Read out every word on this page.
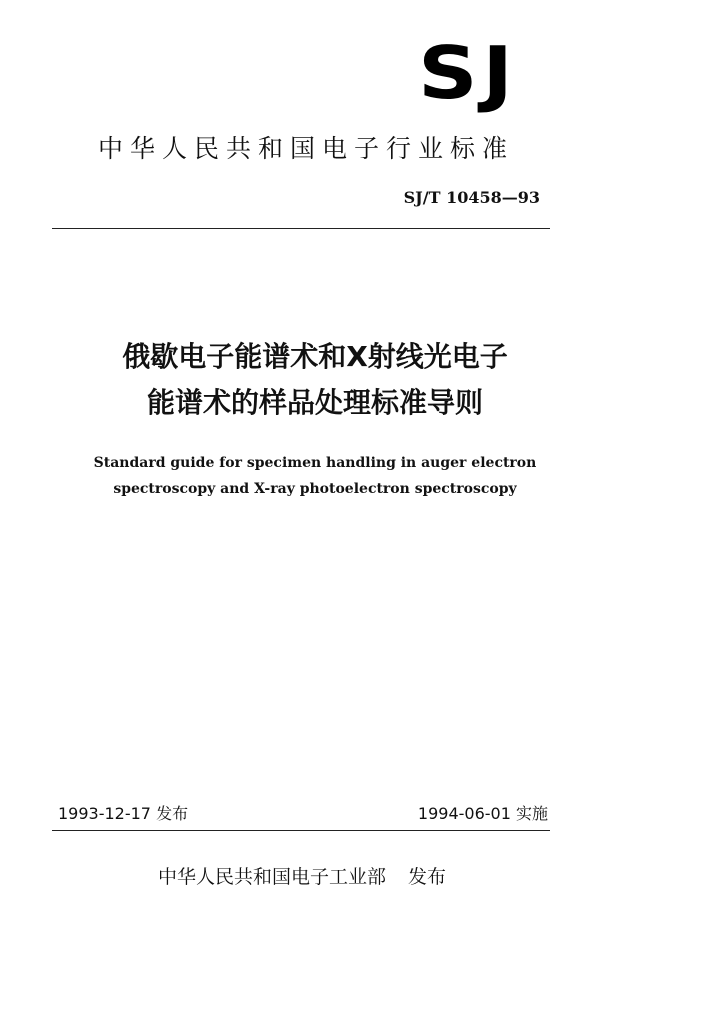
SJ
中华人民共和国电子行业标准
SJ/T 10458—93
俄歇电子能谱术和X射线光电子
能谱术的样品处理标准导则
Standard guide for specimen handling in auger electron
spectroscopy and X-ray photoelectron spectroscopy
1993-12-17 发布	1994-06-01 实施
中华人民共和国电子工业部 发布
